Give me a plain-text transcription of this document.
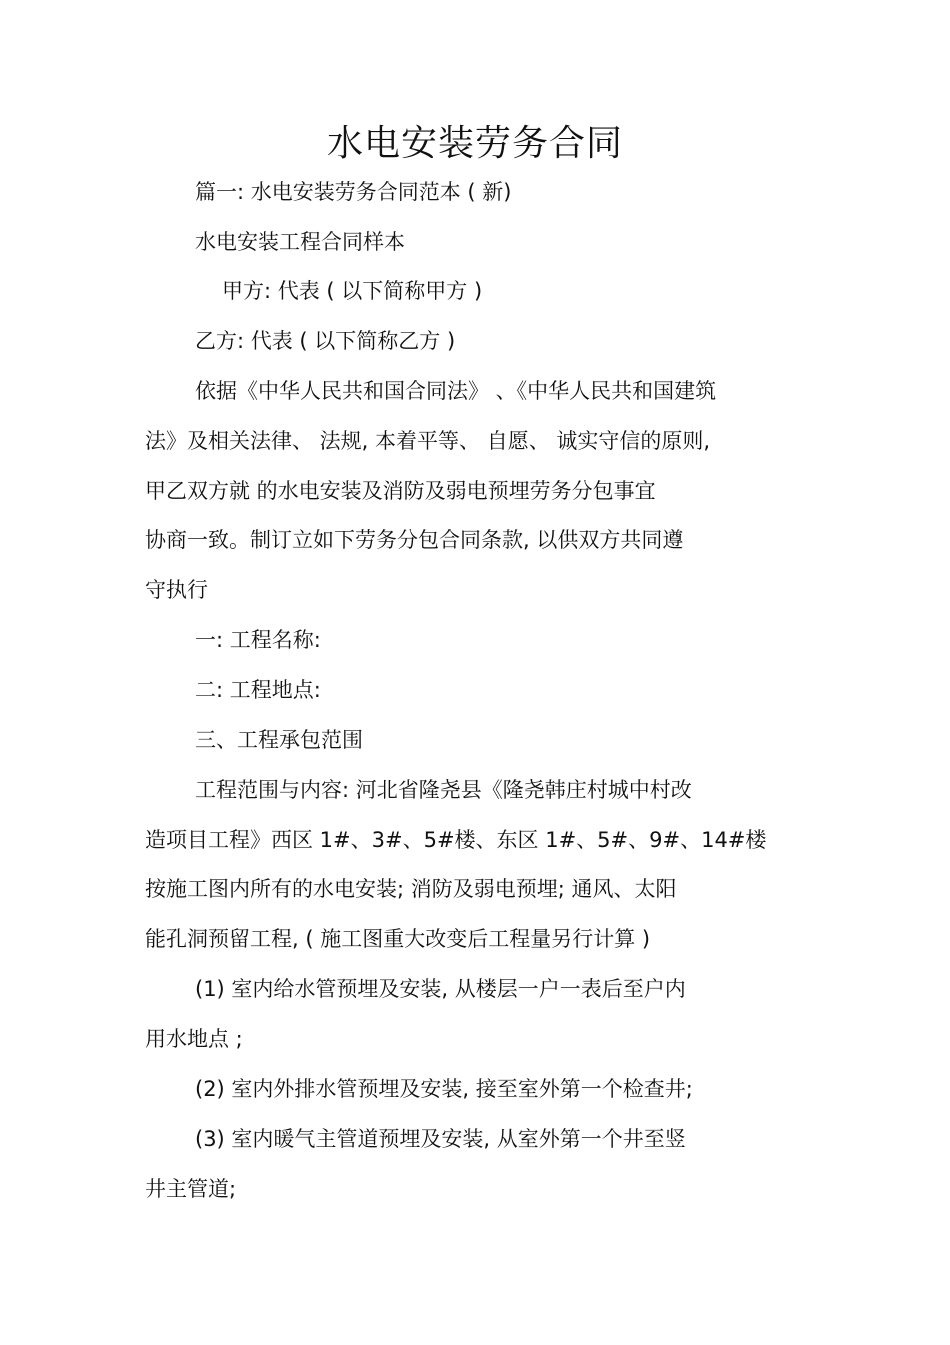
水电安装劳务合同
篇一: 水电安装劳务合同范本 ( 新)
水电安装工程合同样本
甲方: 代表 ( 以下简称甲方 )
乙方: 代表 ( 以下简称乙方 )
依据《中华人民共和国合同法》 、《中华人民共和国建筑
法》及相关法律、 法规, 本着平等、 自愿、 诚实守信的原则,
甲乙双方就 的水电安装及消防及弱电预埋劳务分包事宜
协商一致。制订立如下劳务分包合同条款, 以供双方共同遵
守执行
一: 工程名称:
二: 工程地点:
三、工程承包范围
工程范围与内容: 河北省隆尧县《隆尧韩庄村城中村改
造项目工程》西区 1#、3#、5#楼、东区 1#、5#、9#、14#楼
按施工图内所有的水电安装; 消防及弱电预埋; 通风、太阳
能孔洞预留工程, ( 施工图重大改变后工程量另行计算 )
(1) 室内给水管预埋及安装, 从楼层一户一表后至户内
用水地点 ;
(2) 室内外排水管预埋及安装, 接至室外第一个检查井;
(3) 室内暖气主管道预埋及安装, 从室外第一个井至竖
井主管道;
